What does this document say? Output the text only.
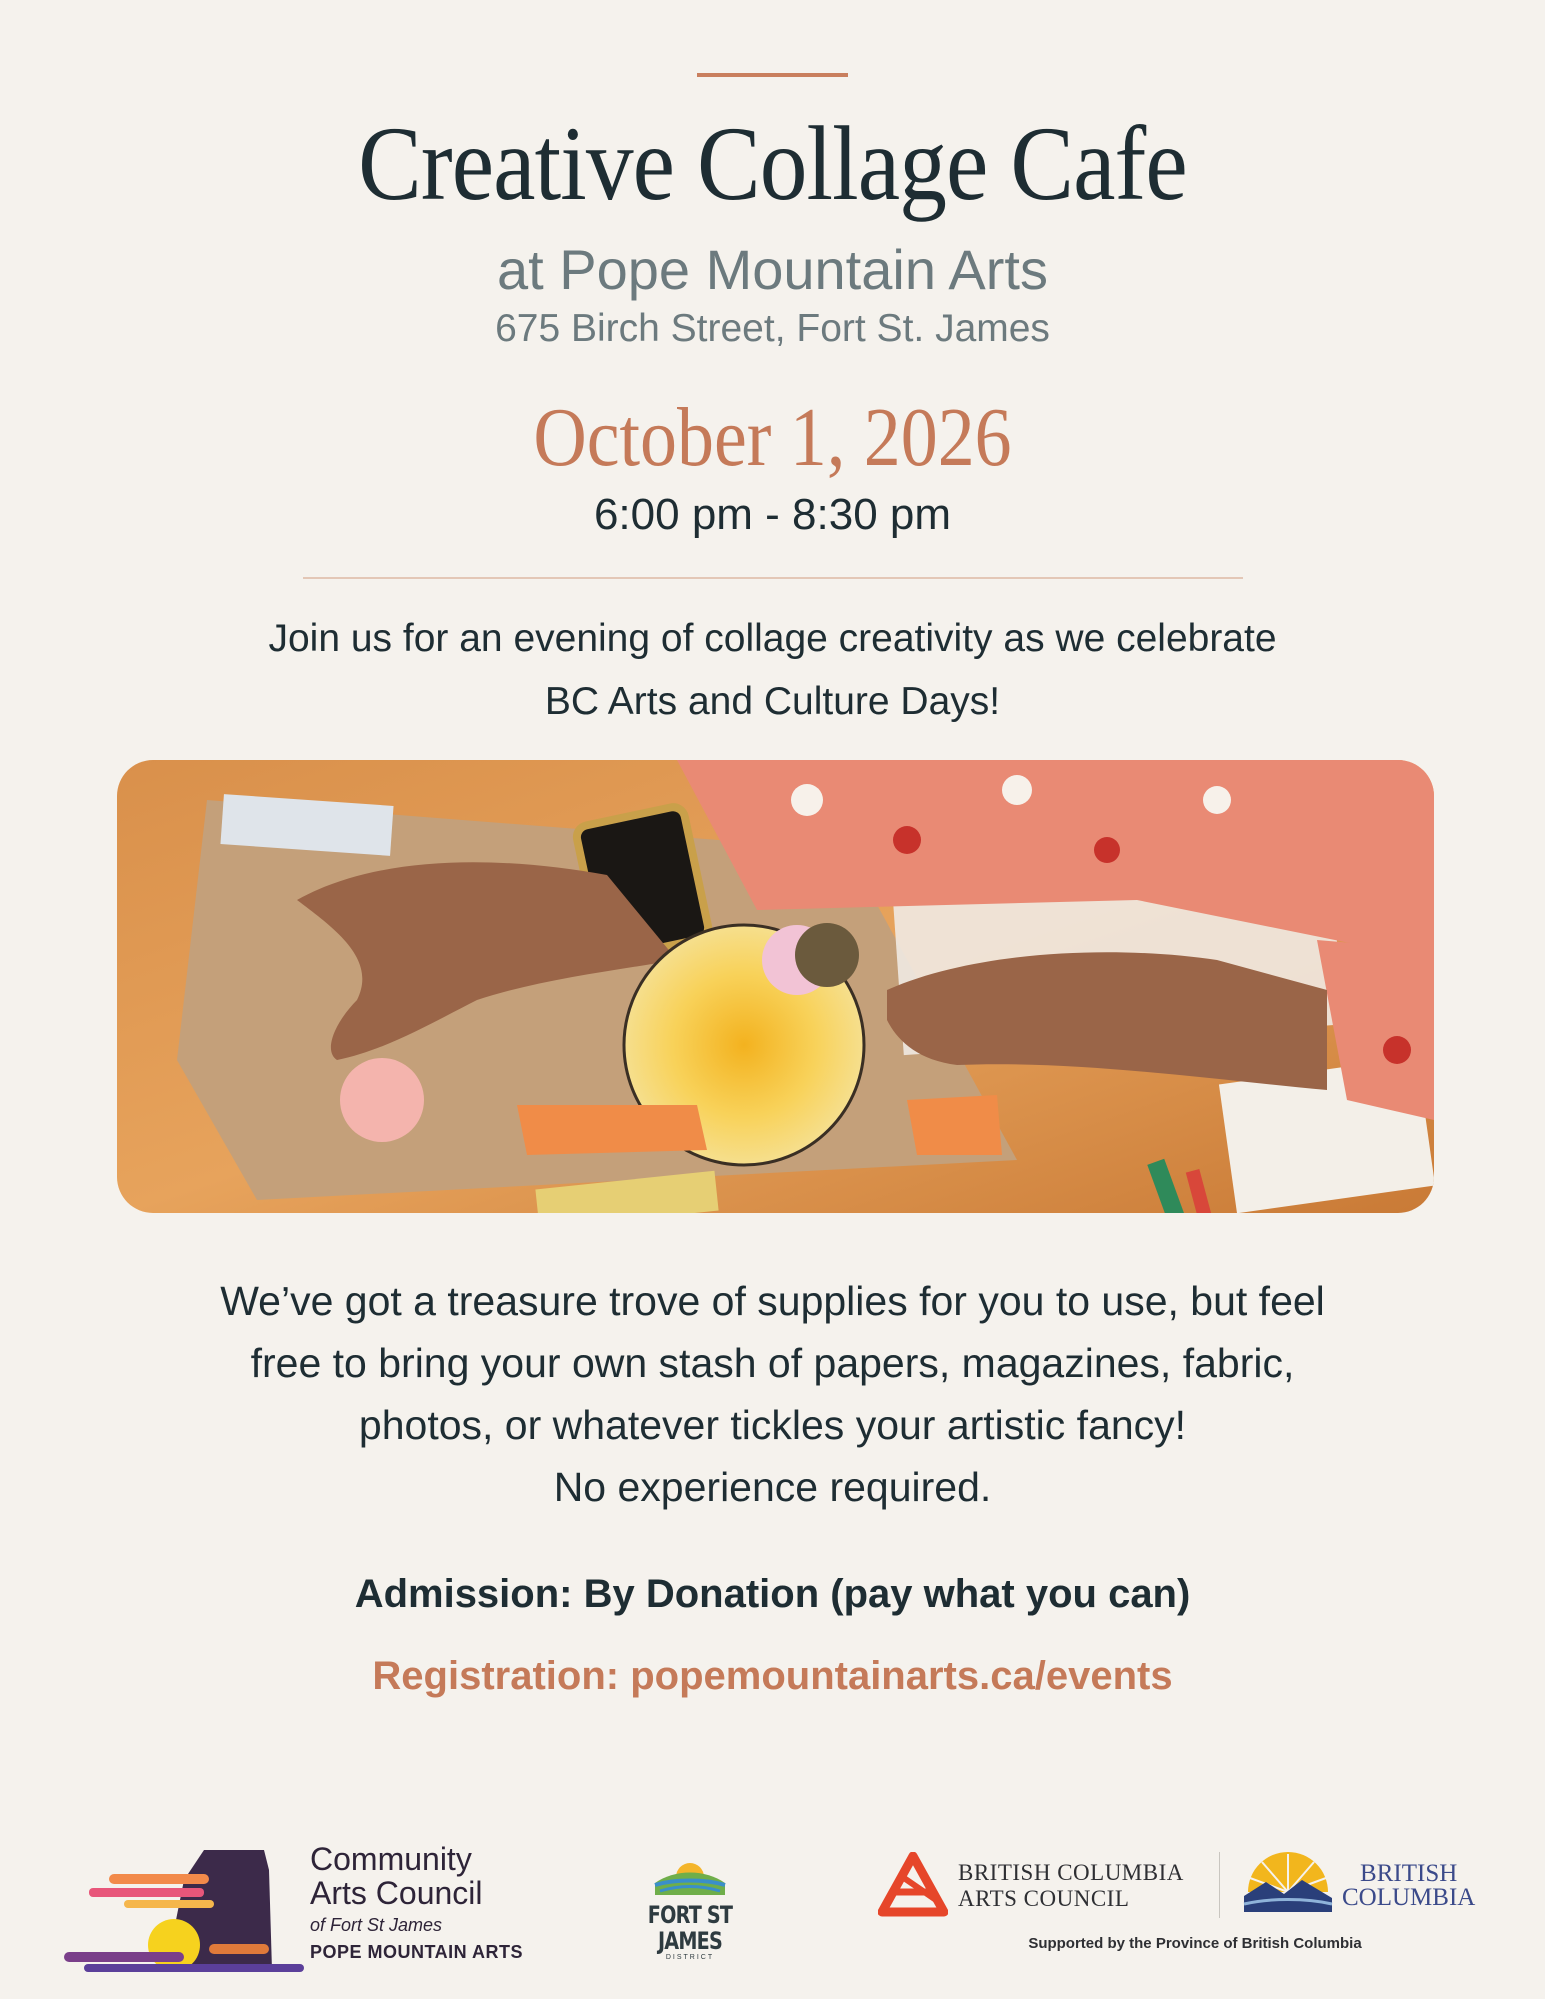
Creative Collage Cafe
at Pope Mountain Arts
675 Birch Street, Fort St. James
October 1, 2026
6:00 pm - 8:30 pm
Join us for an evening of collage creativity as we celebrate
BC Arts and Culture Days!
We’ve got a treasure trove of supplies for you to use, but feel
free to bring your own stash of papers, magazines, fabric,
photos, or whatever tickles your artistic fancy!
No experience required.
Admission: By Donation (pay what you can)
Registration: popemountainarts.ca/events
Community
Arts Council
of Fort St James
POPE MOUNTAIN ARTS
FORT ST JAMES
DISTRICT
BRITISH COLUMBIA
ARTS COUNCIL
BRITISH
COLUMBIA
Supported by the Province of British Columbia
